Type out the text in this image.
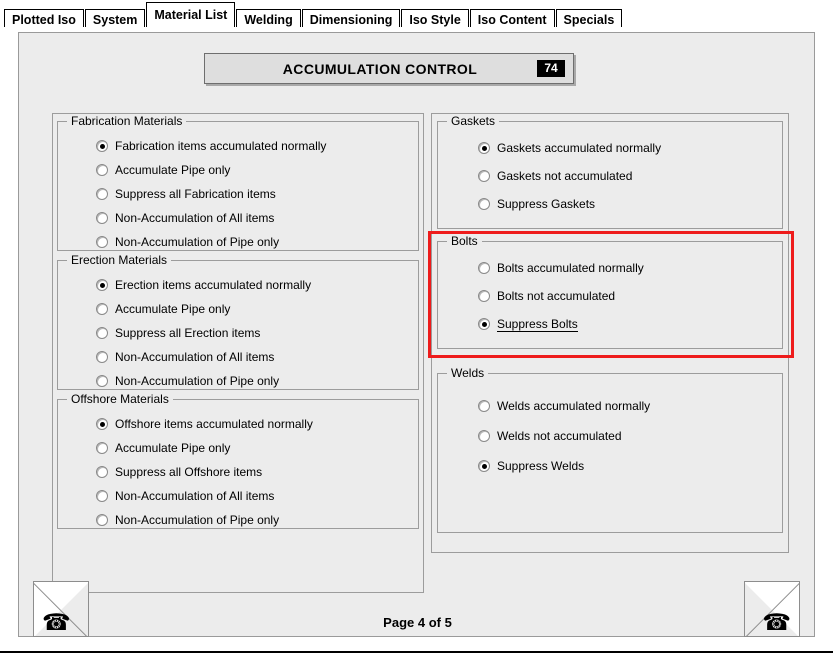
Plotted Iso	System	Material List	Welding	Dimensioning	Iso Style	Iso Content	Specials
ACCUMULATION CONTROL	74
Fabrication Materials
Fabrication items accumulated normally
Accumulate Pipe only
Suppress all Fabrication items
Non-Accumulation of All items
Non-Accumulation of Pipe only
Erection Materials
Erection items accumulated normally
Accumulate Pipe only
Suppress all Erection items
Non-Accumulation of All items
Non-Accumulation of Pipe only
Offshore Materials
Offshore items accumulated normally
Accumulate Pipe only
Suppress all Offshore items
Non-Accumulation of All items
Non-Accumulation of Pipe only
Gaskets
Gaskets accumulated normally
Gaskets not accumulated
Suppress Gaskets
Bolts
Bolts accumulated normally
Bolts not accumulated
Suppress Bolts
Welds
Welds accumulated normally
Welds not accumulated
Suppress Welds
Page 4 of 5
☎	☎
